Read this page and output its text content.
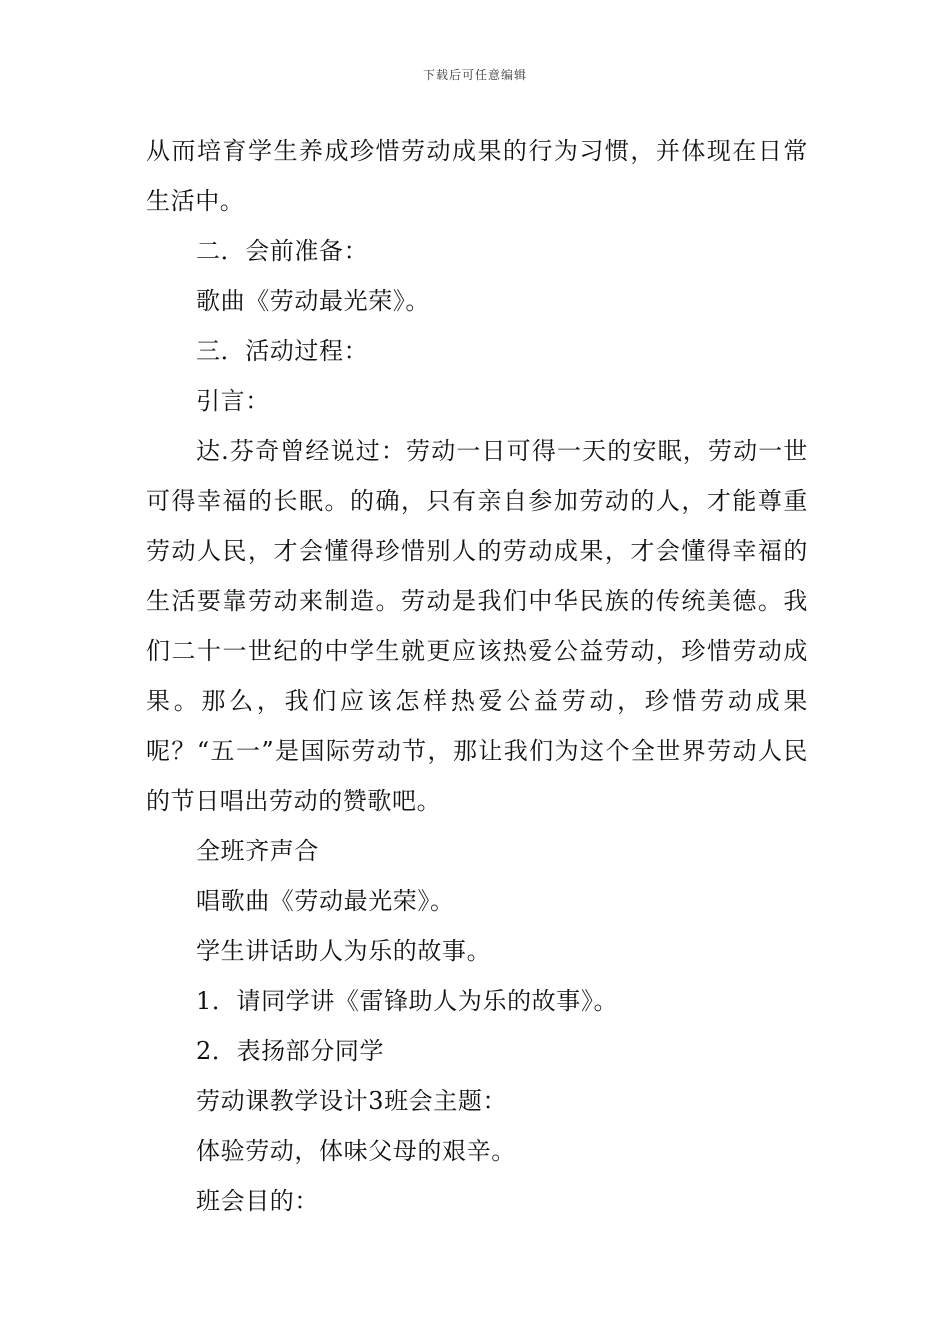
下载后可任意编辑

从而培育学生养成珍惜劳动成果的行为习惯，并体现在日常生活中。

二．会前准备：

歌曲《劳动最光荣》。

三．活动过程：

引言：

达.芬奇曾经说过：劳动一日可得一天的安眠，劳动一世可得幸福的长眠。的确，只有亲自参加劳动的人，才能尊重劳动人民，才会懂得珍惜别人的劳动成果，才会懂得幸福的生活要靠劳动来制造。劳动是我们中华民族的传统美德。我们二十一世纪的中学生就更应该热爱公益劳动，珍惜劳动成果。那么，我们应该怎样热爱公益劳动，珍惜劳动成果呢？“五一”是国际劳动节，那让我们为这个全世界劳动人民的节日唱出劳动的赞歌吧。

全班齐声合

唱歌曲《劳动最光荣》。

学生讲话助人为乐的故事。

1．请同学讲《雷锋助人为乐的故事》。

2．表扬部分同学

劳动课教学设计3班会主题：

体验劳动，体味父母的艰辛。

班会目的：
